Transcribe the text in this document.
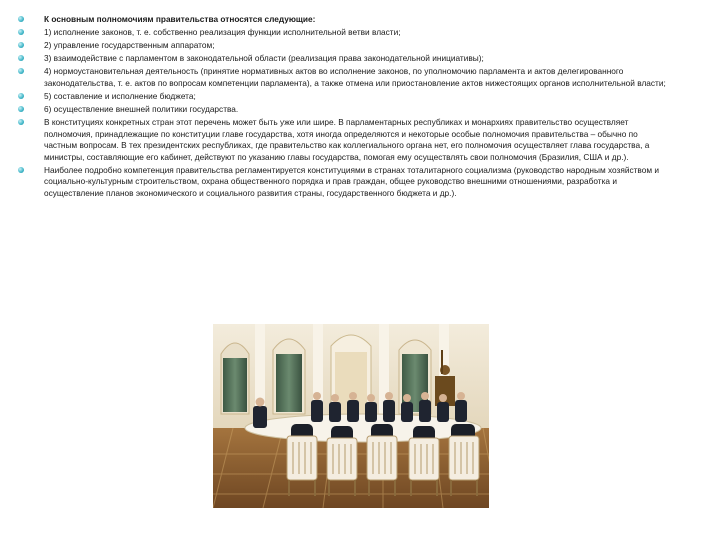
К основным полномочиям правительства относятся следующие:
1) исполнение законов, т. е. собственно реализация функции исполнительной ветви власти;
2) управление государственным аппаратом;
3) взаимодействие с парламентом в законодательной области (реализация права законодательной инициативы);
4) нормоустановительная деятельность (принятие нормативных актов во исполнение законов, по уполномочию парламента и актов делегированного законодательства, т. е. актов по вопросам компетенции парламента), а также отмена или приостановление актов нижестоящих органов исполнительной власти;
5) составление и исполнение бюджета;
6) осуществление внешней политики государства.
В конституциях конкретных стран этот перечень может быть уже или шире. В парламентарных республиках и монархиях правительство осуществляет полномочия, принадлежащие по конституции главе государства, хотя иногда определяются и некоторые особые полномочия правительства – обычно по частным вопросам. В тех президентских республиках, где правительство как коллегиального органа нет, его полномочия осуществляет глава государства, а министры, составляющие его кабинет, действуют по указанию главы государства, помогая ему осуществлять свои полномочия (Бразилия, США и др.).
Наиболее подробно компетенция правительства регламентируется конституциями в странах тоталитарного социализма (руководство народным хозяйством и социально-культурным строительством, охрана общественного порядка и прав граждан, общее руководство внешними отношениями, разработка и осуществление планов экономического и социального развития страны, государственного бюджета и др.).
